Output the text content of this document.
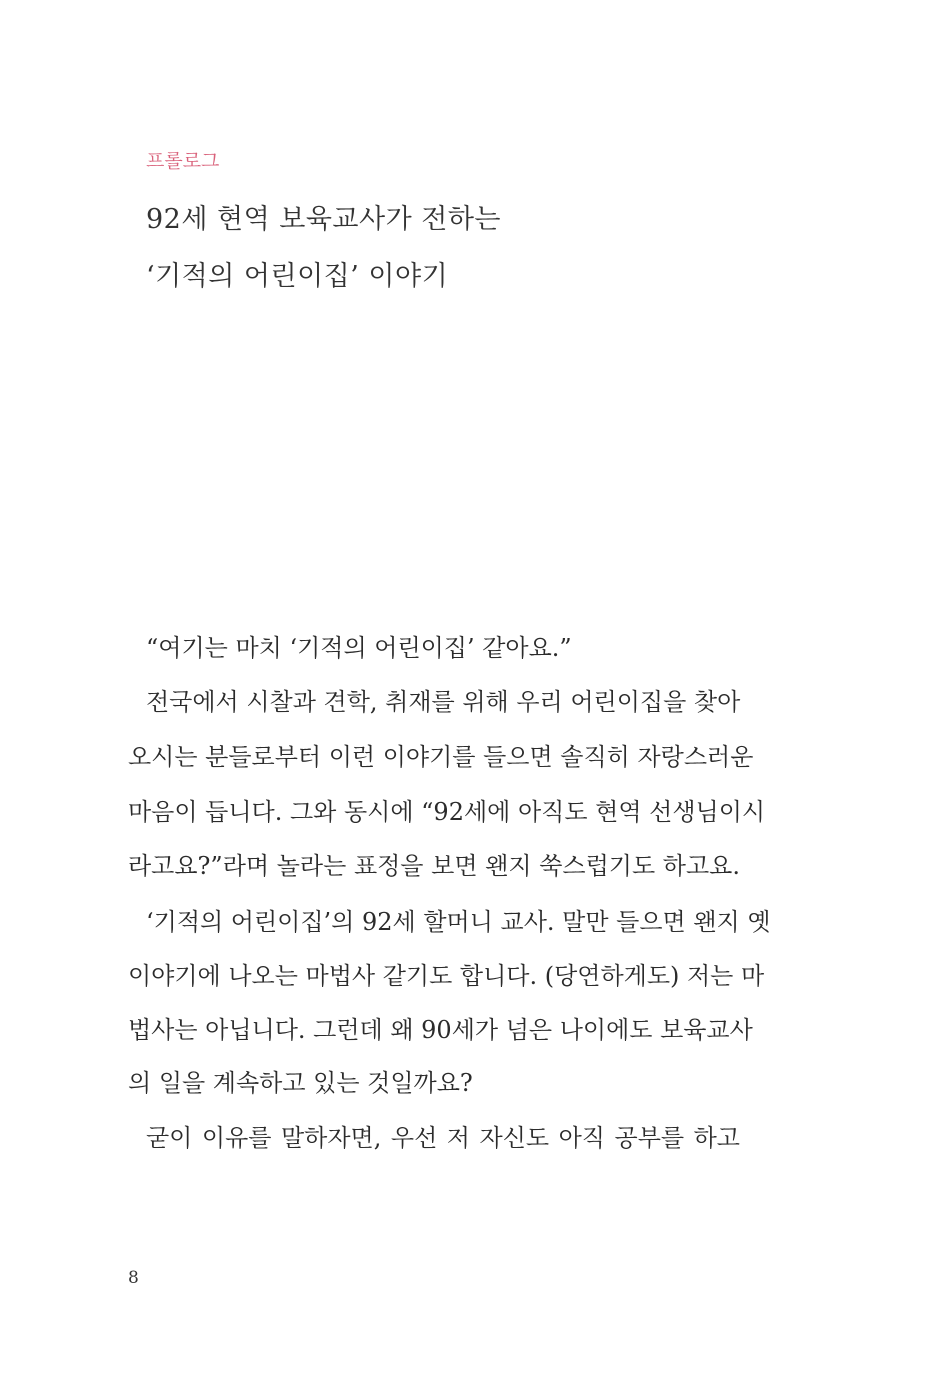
프롤로그
92세 현역 보육교사가 전하는
‘기적의 어린이집’ 이야기
“여기는 마치 ‘기적의 어린이집’ 같아요.”
전국에서 시찰과 견학, 취재를 위해 우리 어린이집을 찾아
오시는 분들로부터 이런 이야기를 들으면 솔직히 자랑스러운
마음이 듭니다. 그와 동시에 “92세에 아직도 현역 선생님이시
라고요?”라며 놀라는 표정을 보면 왠지 쑥스럽기도 하고요.
‘기적의 어린이집’의 92세 할머니 교사. 말만 들으면 왠지 옛
이야기에 나오는 마법사 같기도 합니다. (당연하게도) 저는 마
법사는 아닙니다. 그런데 왜 90세가 넘은 나이에도 보육교사
의 일을 계속하고 있는 것일까요?
굳이 이유를 말하자면, 우선 저 자신도 아직 공부를 하고
8
